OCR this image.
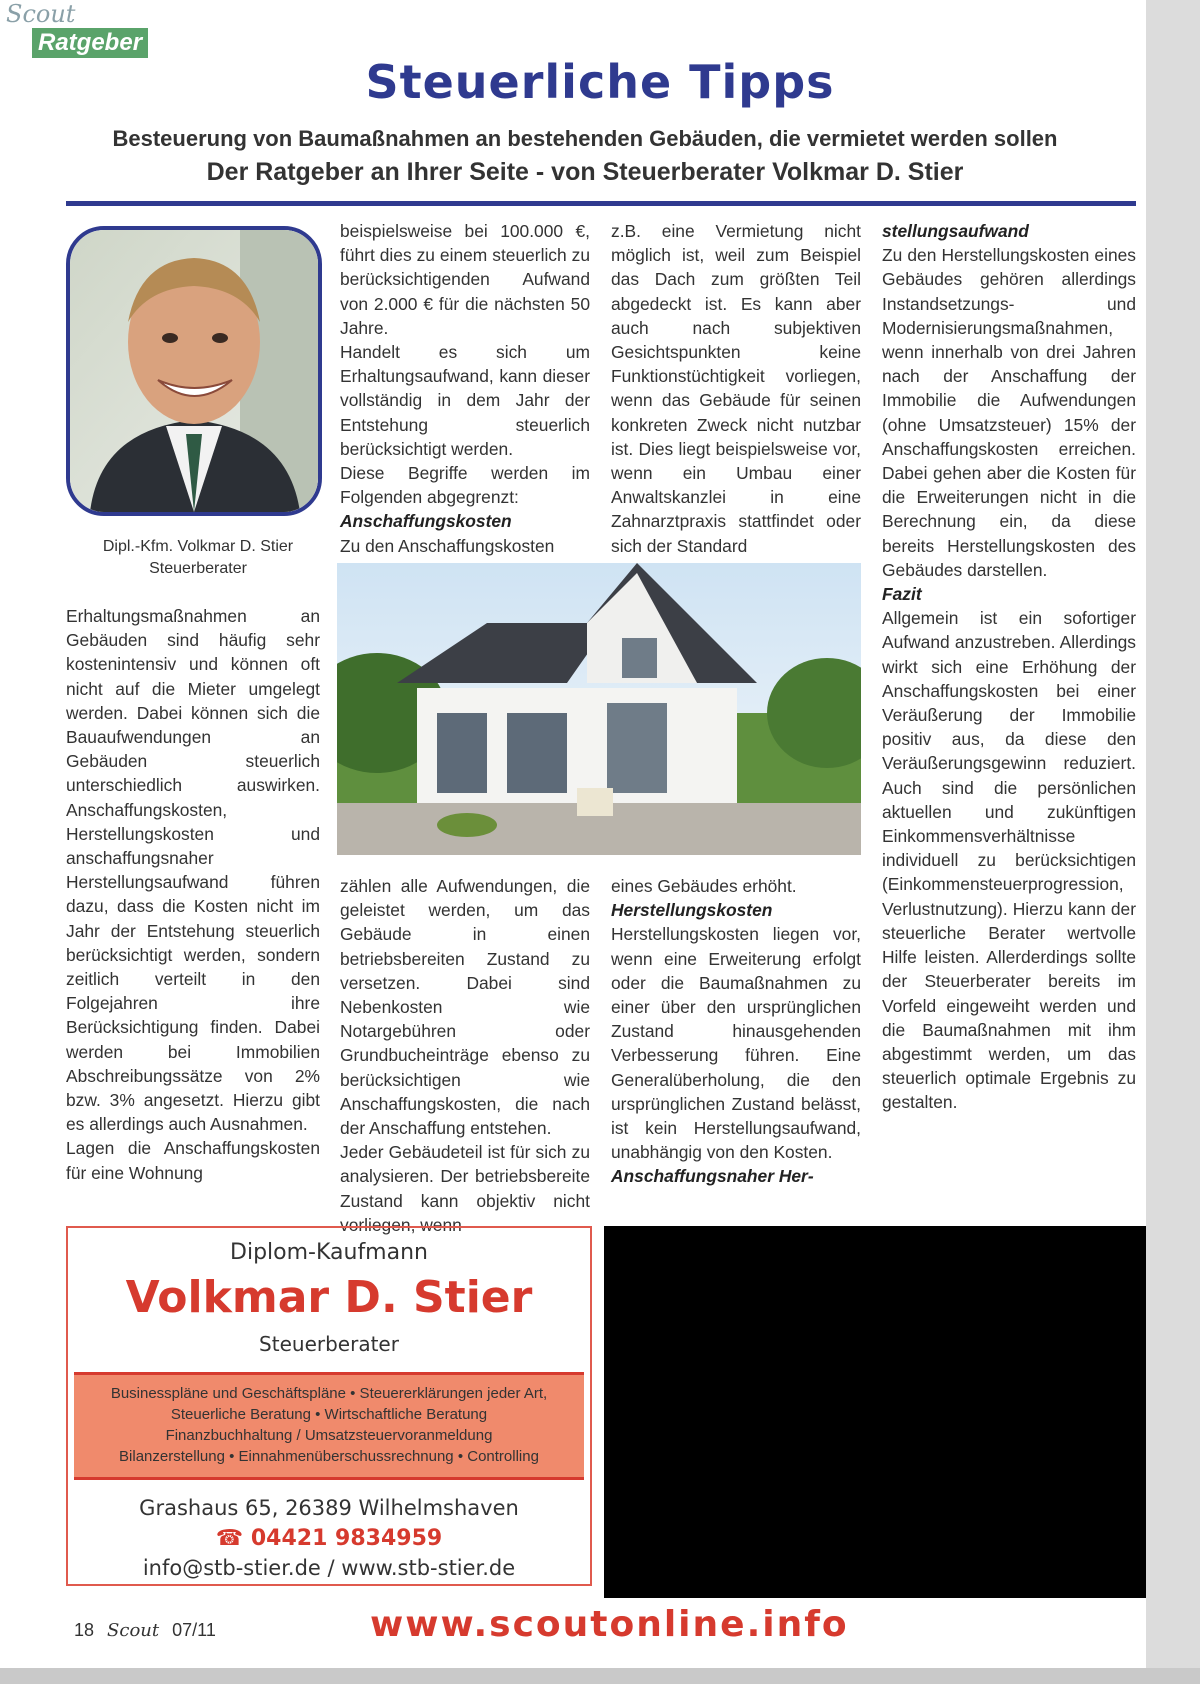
Scout
Ratgeber
Steuerliche Tipps
Besteuerung von Baumaßnahmen an bestehenden Gebäuden, die vermietet werden sollen
Der Ratgeber an Ihrer Seite - von Steuerberater Volkmar D. Stier
Dipl.-Kfm. Volkmar D. Stier
Steuerberater

Erhaltungsmaßnahmen an Gebäuden sind häufig sehr kostenintensiv und können oft nicht auf die Mieter umgelegt werden. Dabei können sich die Bauaufwendungen an Gebäuden steuerlich unterschiedlich auswirken. Anschaffungskosten, Herstellungskosten und anschaffungsnaher Herstellungsaufwand führen dazu, dass die Kosten nicht im Jahr der Entstehung steuerlich berücksichtigt werden, sondern zeitlich verteilt in den Folgejahren ihre Berücksichtigung finden. Dabei werden bei Immobilien Abschreibungssätze von 2% bzw. 3% angesetzt. Hierzu gibt es allerdings auch Ausnahmen.

Lagen die Anschaffungskosten für eine Wohnung

beispielsweise bei 100.000 €, führt dies zu einem steuerlich zu berücksichtigenden Aufwand von 2.000 € für die nächsten 50 Jahre.

Handelt es sich um Erhaltungsaufwand, kann dieser vollständig in dem Jahr der Entstehung steuerlich berücksichtigt werden.

Diese Begriffe werden im Folgenden abgegrenzt:

Anschaffungskosten

Zu den Anschaffungskosten

z.B. eine Vermietung nicht möglich ist, weil zum Beispiel das Dach zum größten Teil abgedeckt ist. Es kann aber auch nach subjektiven Gesichtspunkten keine Funktionstüchtigkeit vorliegen, wenn das Gebäude für seinen konkreten Zweck nicht nutzbar ist. Dies liegt beispielsweise vor, wenn ein Umbau einer Anwaltskanzlei in eine Zahnarztpraxis stattfindet oder sich der Standard

zählen alle Aufwendungen, die geleistet werden, um das Gebäude in einen betriebsbereiten Zustand zu versetzen. Dabei sind Nebenkosten wie Notargebühren oder Grundbucheinträge ebenso zu berücksichtigen wie Anschaffungskosten, die nach der Anschaffung entstehen.

Jeder Gebäudeteil ist für sich zu analysieren. Der betriebsbereite Zustand kann objektiv nicht vorliegen, wenn

eines Gebäudes erhöht.

Herstellungskosten

Herstellungskosten liegen vor, wenn eine Erweiterung erfolgt oder die Baumaßnahmen zu einer über den ursprünglichen Zustand hinausgehenden Verbesserung führen. Eine Generalüberholung, die den ursprünglichen Zustand belässt, ist kein Herstellungsaufwand, unabhängig von den Kosten.

Anschaffungsnaher Her-

stellungsaufwand

Zu den Herstellungskosten eines Gebäudes gehören allerdings Instandsetzungs- und Modernisierungsmaßnahmen, wenn innerhalb von drei Jahren nach der Anschaffung der Immobilie die Aufwendungen (ohne Umsatzsteuer) 15% der Anschaffungskosten erreichen. Dabei gehen aber die Kosten für die Erweiterungen nicht in die Berechnung ein, da diese bereits Herstellungskosten des Gebäudes darstellen.

Fazit

Allgemein ist ein sofortiger Aufwand anzustreben. Allerdings wirkt sich eine Erhöhung der Anschaffungskosten bei einer Veräußerung der Immobilie positiv aus, da diese den Veräußerungsgewinn reduziert. Auch sind die persönlichen aktuellen und zukünftigen Einkommensverhältnisse individuell zu berücksichtigen (Einkommensteuerprogression, Verlustnutzung). Hierzu kann der steuerliche Berater wertvolle Hilfe leisten. Allerderdings sollte der Steuerberater bereits im Vorfeld eingeweiht werden und die Baumaßnahmen mit ihm abgestimmt werden, um das steuerlich optimale Ergebnis zu gestalten.

Diplom-Kaufmann
Volkmar D. Stier
Steuerberater
Businesspläne und Geschäftspläne • Steuererklärungen jeder Art,
Steuerliche Beratung • Wirtschaftliche Beratung
Finanzbuchhaltung / Umsatzsteuervoranmeldung
Bilanzerstellung • Einnahmenüberschussrechnung • Controlling
Grashaus 65, 26389 Wilhelmshaven
☎ 04421 9834959
info@stb-stier.de / www.stb-stier.de
18 Scout 07/11	www.scoutonline.info
